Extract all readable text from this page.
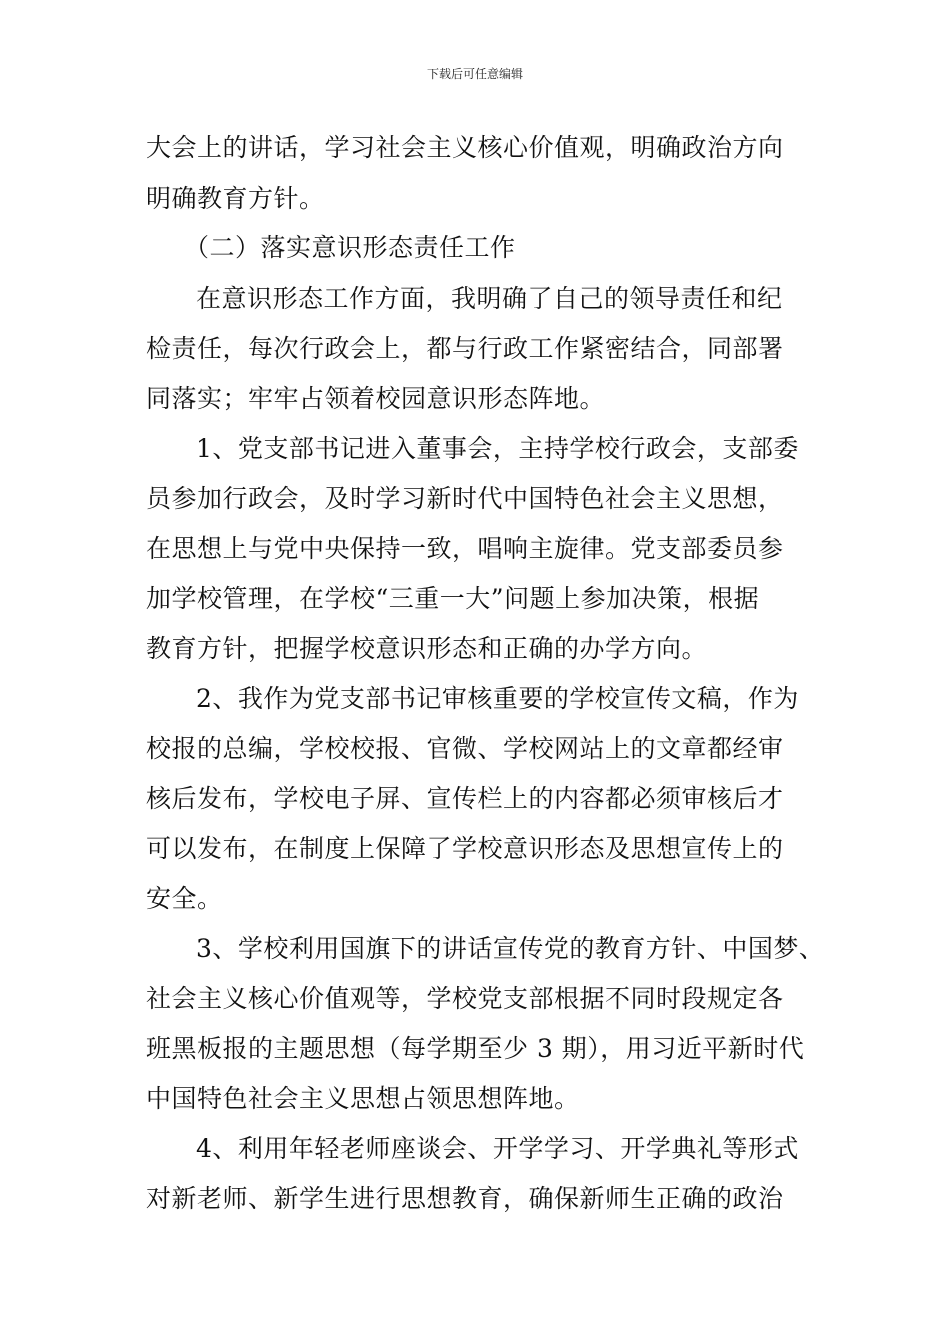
下载后可任意编辑
大会上的讲话，学习社会主义核心价值观，明确政治方向
明确教育方针。
（二）落实意识形态责任工作
在意识形态工作方面，我明确了自己的领导责任和纪
检责任，每次行政会上，都与行政工作紧密结合，同部署
同落实；牢牢占领着校园意识形态阵地。
1、党支部书记进入董事会，主持学校行政会，支部委
员参加行政会，及时学习新时代中国特色社会主义思想，
在思想上与党中央保持一致，唱响主旋律。党支部委员参
加学校管理，在学校“三重一大”问题上参加决策，根据
教育方针，把握学校意识形态和正确的办学方向。
2、我作为党支部书记审核重要的学校宣传文稿，作为
校报的总编，学校校报、官微、学校网站上的文章都经审
核后发布，学校电子屏、宣传栏上的内容都必须审核后才
可以发布，在制度上保障了学校意识形态及思想宣传上的
安全。
3、学校利用国旗下的讲话宣传党的教育方针、中国梦、
社会主义核心价值观等，学校党支部根据不同时段规定各
班黑板报的主题思想（每学期至少 3 期），用习近平新时代
中国特色社会主义思想占领思想阵地。
4、利用年轻老师座谈会、开学学习、开学典礼等形式
对新老师、新学生进行思想教育，确保新师生正确的政治
